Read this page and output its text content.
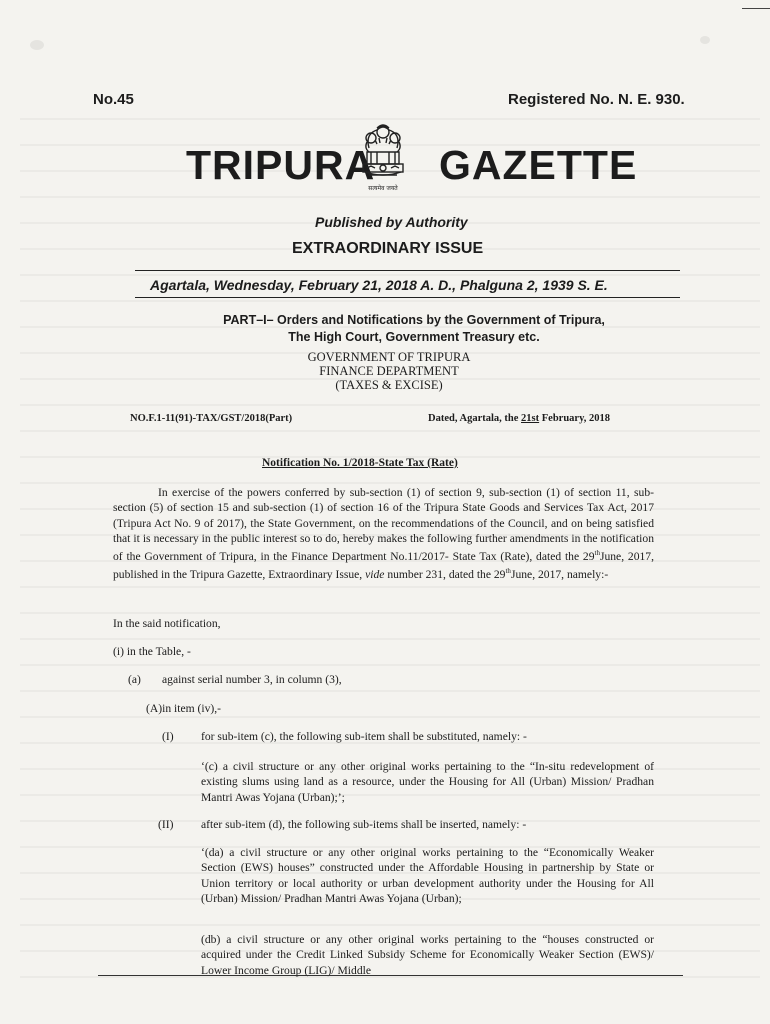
No.45	Registered No. N. E. 930.
TRIPURA
सत्यमेव जयते
GAZETTE
Published by Authority
EXTRAORDINARY ISSUE
Agartala, Wednesday, February 21, 2018 A. D., Phalguna 2, 1939 S. E.
PART–I– Orders and Notifications by the Government of Tripura,
The High Court, Government Treasury etc.
GOVERNMENT OF TRIPURA
FINANCE DEPARTMENT
(TAXES & EXCISE)
NO.F.1-11(91)-TAX/GST/2018(Part)	Dated, Agartala, the 21st February, 2018
Notification No. 1/2018-State Tax (Rate)
In exercise of the powers conferred by sub-section (1) of section 9, sub-section (1) of section 11, sub-section (5) of section 15 and sub-section (1) of section 16 of the Tripura State Goods and Services Tax Act, 2017 (Tripura Act No. 9 of 2017), the State Government, on the recommendations of the Council, and on being satisfied that it is necessary in the public interest so to do, hereby makes the following further amendments in the notification of the Government of Tripura, in the Finance Department No.11/2017- State Tax (Rate), dated the 29thJune, 2017, published in the Tripura Gazette, Extraordinary Issue, vide number 231, dated the 29thJune, 2017, namely:-
In the said notification,
(i) in the Table, -
(a) against serial number 3, in column (3),
(A)in item (iv),-
(I) for sub-item (c), the following sub-item shall be substituted, namely: -
‘(c) a civil structure or any other original works pertaining to the “In-situ redevelopment of existing slums using land as a resource, under the Housing for All (Urban) Mission/ Pradhan Mantri Awas Yojana (Urban);’;
(II) after sub-item (d), the following sub-items shall be inserted, namely: -
‘(da) a civil structure or any other original works pertaining to the “Economically Weaker Section (EWS) houses” constructed under the Affordable Housing in partnership by State or Union territory or local authority or urban development authority under the Housing for All (Urban) Mission/ Pradhan Mantri Awas Yojana (Urban);
(db) a civil structure or any other original works pertaining to the “houses constructed or acquired under the Credit Linked Subsidy Scheme for Economically Weaker Section (EWS)/ Lower Income Group (LIG)/ Middle
